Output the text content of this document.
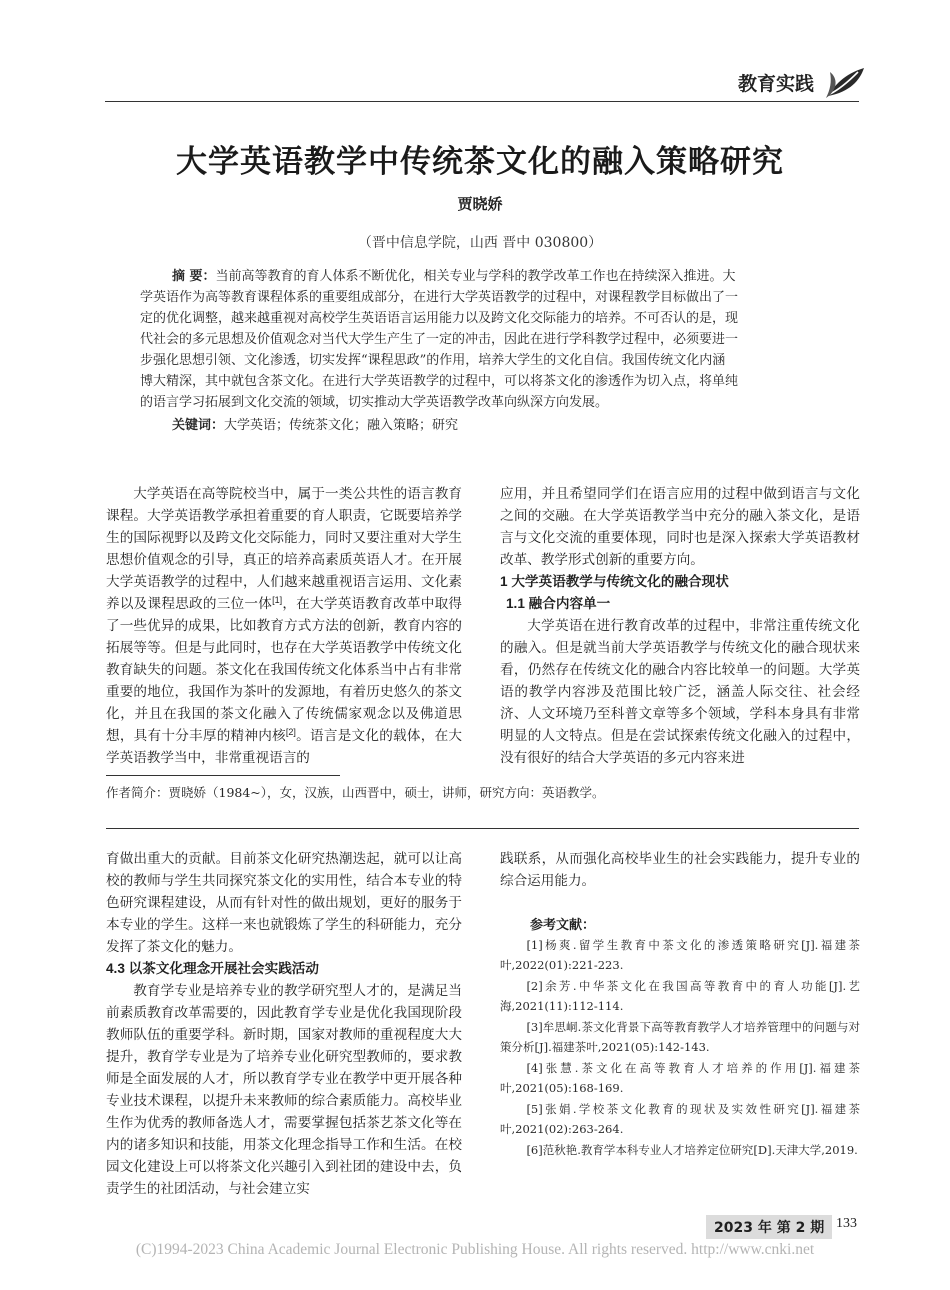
教育实践
大学英语教学中传统茶文化的融入策略研究
贾晓娇
（晋中信息学院，山西 晋中 030800）
摘 要：当前高等教育的育人体系不断优化，相关专业与学科的教学改革工作也在持续深入推进。大
学英语作为高等教育课程体系的重要组成部分，在进行大学英语教学的过程中，对课程教学目标做出了一
定的优化调整，越来越重视对高校学生英语语言运用能力以及跨文化交际能力的培养。不可否认的是，现
代社会的多元思想及价值观念对当代大学生产生了一定的冲击，因此在进行学科教学过程中，必须要进一
步强化思想引领、文化渗透，切实发挥“课程思政”的作用，培养大学生的文化自信。我国传统文化内涵
博大精深，其中就包含茶文化。在进行大学英语教学的过程中，可以将茶文化的渗透作为切入点，将单纯
的语言学习拓展到文化交流的领域，切实推动大学英语教学改革向纵深方向发展。
关键词：大学英语；传统茶文化；融入策略；研究

大学英语在高等院校当中，属于一类公共性的语言教育课程。大学英语教学承担着重要的育人职责，它既要培养学生的国际视野以及跨文化交际能力，同时又要注重对大学生思想价值观念的引导，真正的培养高素质英语人才。在开展大学英语教学的过程中，人们越来越重视语言运用、文化素养以及课程思政的三位一体[1]，在大学英语教育改革中取得了一些优异的成果，比如教育方式方法的创新，教育内容的拓展等等。但是与此同时，也存在大学英语教学中传统文化教育缺失的问题。茶文化在我国传统文化体系当中占有非常重要的地位，我国作为茶叶的发源地，有着历史悠久的茶文化，并且在我国的茶文化融入了传统儒家观念以及佛道思想，具有十分丰厚的精神内核[2]。语言是文化的载体，在大学英语教学当中，非常重视语言的

应用，并且希望同学们在语言应用的过程中做到语言与文化之间的交融。在大学英语教学当中充分的融入茶文化，是语言与文化交流的重要体现，同时也是深入探索大学英语教材改革、教学形式创新的重要方向。

1 大学英语教学与传统文化的融合现状

1.1 融合内容单一

大学英语在进行教育改革的过程中，非常注重传统文化的融入。但是就当前大学英语教学与传统文化的融合现状来看，仍然存在传统文化的融合内容比较单一的问题。大学英语的教学内容涉及范围比较广泛，涵盖人际交往、社会经济、人文环境乃至科普文章等多个领域，学科本身具有非常明显的人文特点。但是在尝试探索传统文化融入的过程中，没有很好的结合大学英语的多元内容来进

作者简介：贾晓娇（1984~），女，汉族，山西晋中，硕士，讲师，研究方向：英语教学。

育做出重大的贡献。目前茶文化研究热潮迭起，就可以让高校的教师与学生共同探究茶文化的实用性，结合本专业的特色研究课程建设，从而有针对性的做出规划，更好的服务于本专业的学生。这样一来也就锻炼了学生的科研能力，充分发挥了茶文化的魅力。

4.3 以茶文化理念开展社会实践活动

教育学专业是培养专业的教学研究型人才的，是满足当前素质教育改革需要的，因此教育学专业是优化我国现阶段教师队伍的重要学科。新时期，国家对教师的重视程度大大提升，教育学专业是为了培养专业化研究型教师的，要求教师是全面发展的人才，所以教育学专业在教学中更开展各种专业技术课程，以提升未来教师的综合素质能力。高校毕业生作为优秀的教师备选人才，需要掌握包括茶艺茶文化等在内的诸多知识和技能，用茶文化理念指导工作和生活。在校园文化建设上可以将茶文化兴趣引入到社团的建设中去，负责学生的社团活动，与社会建立实

践联系，从而强化高校毕业生的社会实践能力，提升专业的综合运用能力。

参考文献：

[1]杨爽.留学生教育中茶文化的渗透策略研究[J].福建茶叶,2022(01):221-223.

[2]余芳.中华茶文化在我国高等教育中的育人功能[J].艺海,2021(11):112-114.

[3]牟思峒.茶文化背景下高等教育教学人才培养管理中的问题与对策分析[J].福建茶叶,2021(05):142-143.

[4]张慧.茶文化在高等教育人才培养的作用[J].福建茶叶,2021(05):168-169.

[5]张娟.学校茶文化教育的现状及实效性研究[J].福建茶叶,2021(02):263-264.

[6]范秋艳.教育学本科专业人才培养定位研究[D].天津大学,2019.

2023 年 第 2 期 133
(C)1994-2023 China Academic Journal Electronic Publishing House. All rights reserved. http://www.cnki.net
